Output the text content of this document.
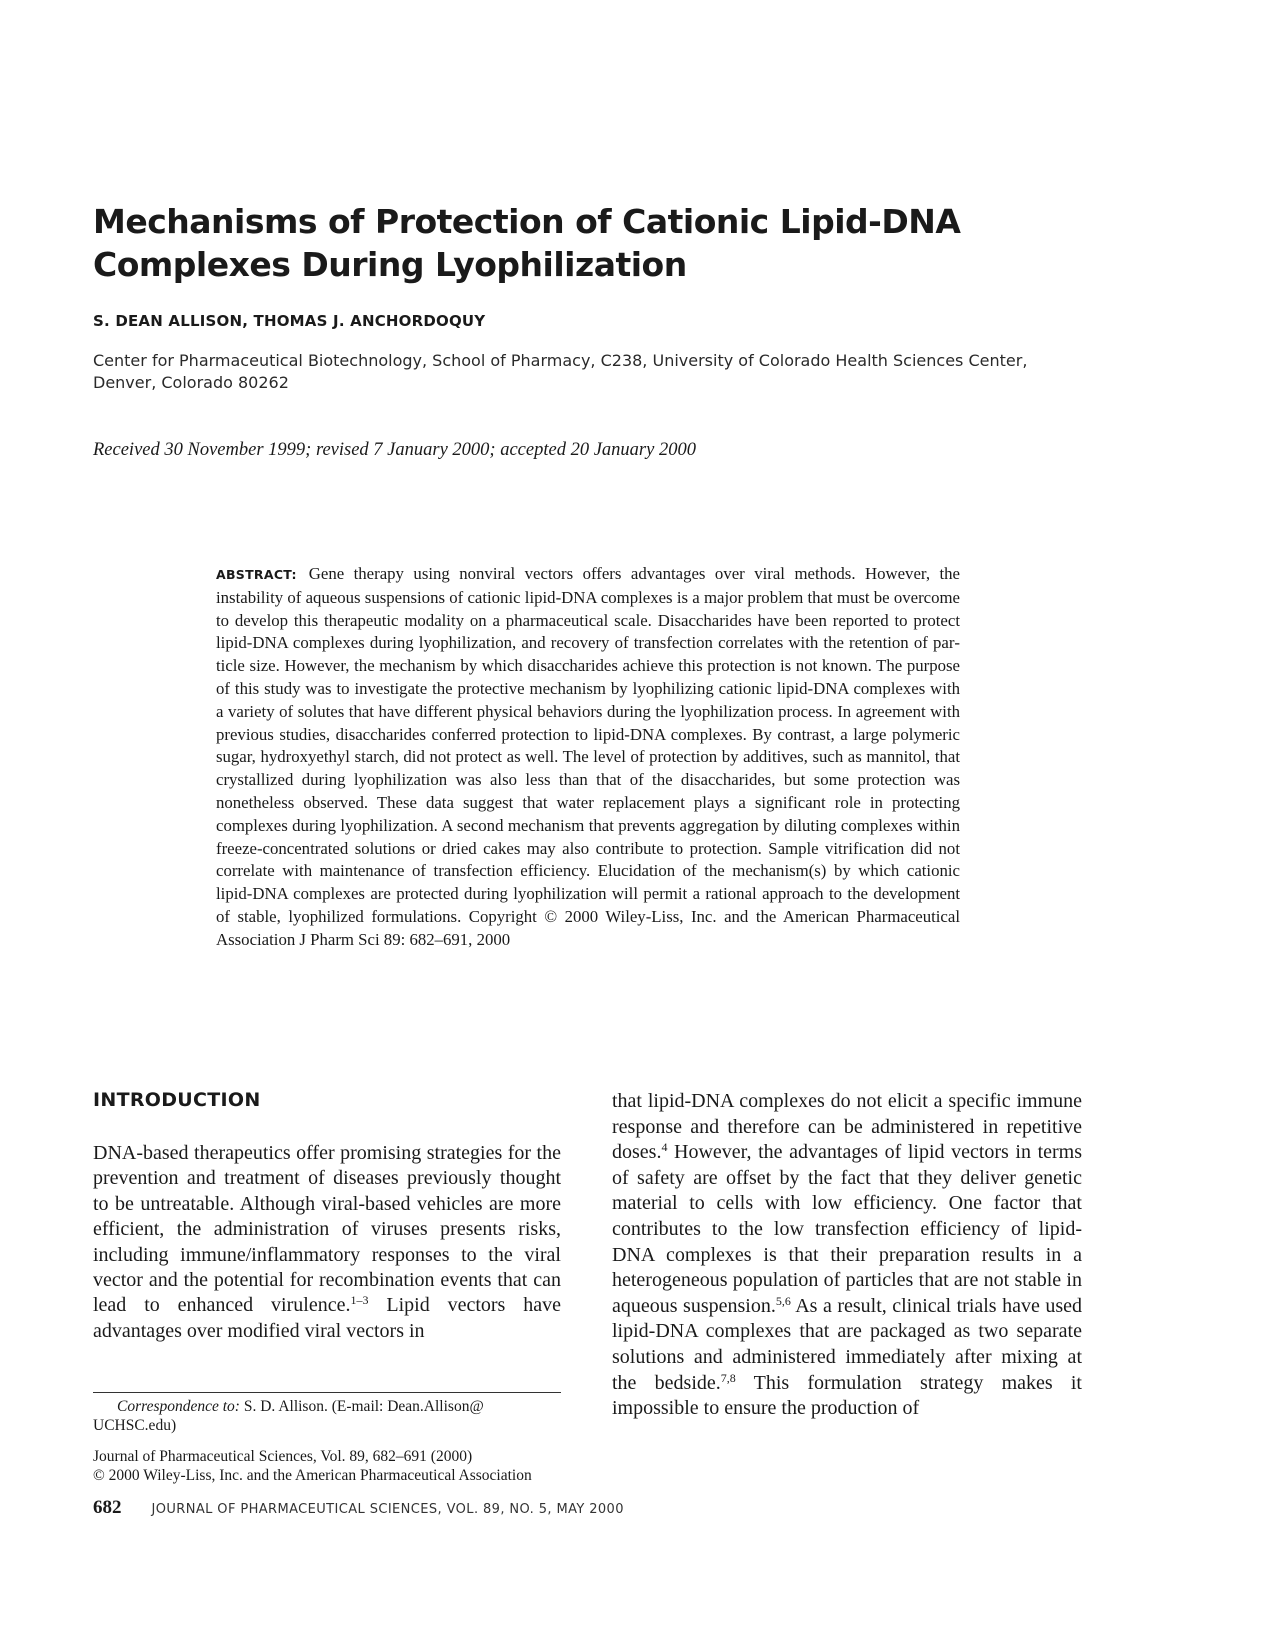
Mechanisms of Protection of Cationic Lipid-DNA Complexes During Lyophilization
S. DEAN ALLISON, THOMAS J. ANCHORDOQUY
Center for Pharmaceutical Biotechnology, School of Pharmacy, C238, University of Colorado Health Sciences Center, Denver, Colorado 80262
Received 30 November 1999; revised 7 January 2000; accepted 20 January 2000
ABSTRACT: Gene therapy using nonviral vectors offers advantages over viral methods. However, the instability of aqueous suspensions of cationic lipid-DNA complexes is a major problem that must be overcome to develop this therapeutic modality on a pharmaceutical scale. Disaccharides have been reported to protect lipid-DNA complexes during lyophilization, and recovery of transfection correlates with the retention of particle size. However, the mechanism by which disaccharides achieve this protection is not known. The purpose of this study was to investigate the protective mechanism by lyophilizing cationic lipid-DNA complexes with a variety of solutes that have different physical behaviors during the lyophilization process. In agreement with previous studies, disaccharides conferred protection to lipid-DNA complexes. By contrast, a large polymeric sugar, hydroxyethyl starch, did not protect as well. The level of protection by additives, such as mannitol, that crystallized during lyophilization was also less than that of the disaccharides, but some protection was nonetheless observed. These data suggest that water replacement plays a significant role in protecting complexes during lyophilization. A second mechanism that prevents aggregation by diluting complexes within freeze-concentrated solutions or dried cakes may also contribute to protection. Sample vitrification did not correlate with maintenance of transfection efficiency. Elucidation of the mechanism(s) by which cationic lipid-DNA complexes are protected during lyophilization will permit a rational approach to the development of stable, lyophilized formulations. Copyright © 2000 Wiley-Liss, Inc. and the American Pharmaceutical Association J Pharm Sci 89: 682–691, 2000
INTRODUCTION

DNA-based therapeutics offer promising strategies for the prevention and treatment of diseases previously thought to be untreatable. Although viral-based vehicles are more efficient, the administration of viruses presents risks, including immune/inflammatory responses to the viral vector and the potential for recombination events that can lead to enhanced virulence.$^{1-3}$ Lipid vectors have advantages over modified viral vectors in

that lipid-DNA complexes do not elicit a specific immune response and therefore can be administered in repetitive doses.$^4$ However, the advantages of lipid vectors in terms of safety are offset by the fact that they deliver genetic material to cells with low efficiency. One factor that contributes to the low transfection efficiency of lipid-DNA complexes is that their preparation results in a heterogeneous population of particles that are not stable in aqueous suspension.$^{5,6}$ As a result, clinical trials have used lipid-DNA complexes that are packaged as two separate solutions and administered immediately after mixing at the bedside.$^{7,8}$ This formulation strategy makes it impossible to ensure the production of

Correspondence to: S. D. Allison. (E-mail: Dean.Allison@ UCHSC.edu)

Journal of Pharmaceutical Sciences, Vol. 89, 682–691 (2000)
© 2000 Wiley-Liss, Inc. and the American Pharmaceutical Association

682 JOURNAL OF PHARMACEUTICAL SCIENCES, VOL. 89, NO. 5, MAY 2000
